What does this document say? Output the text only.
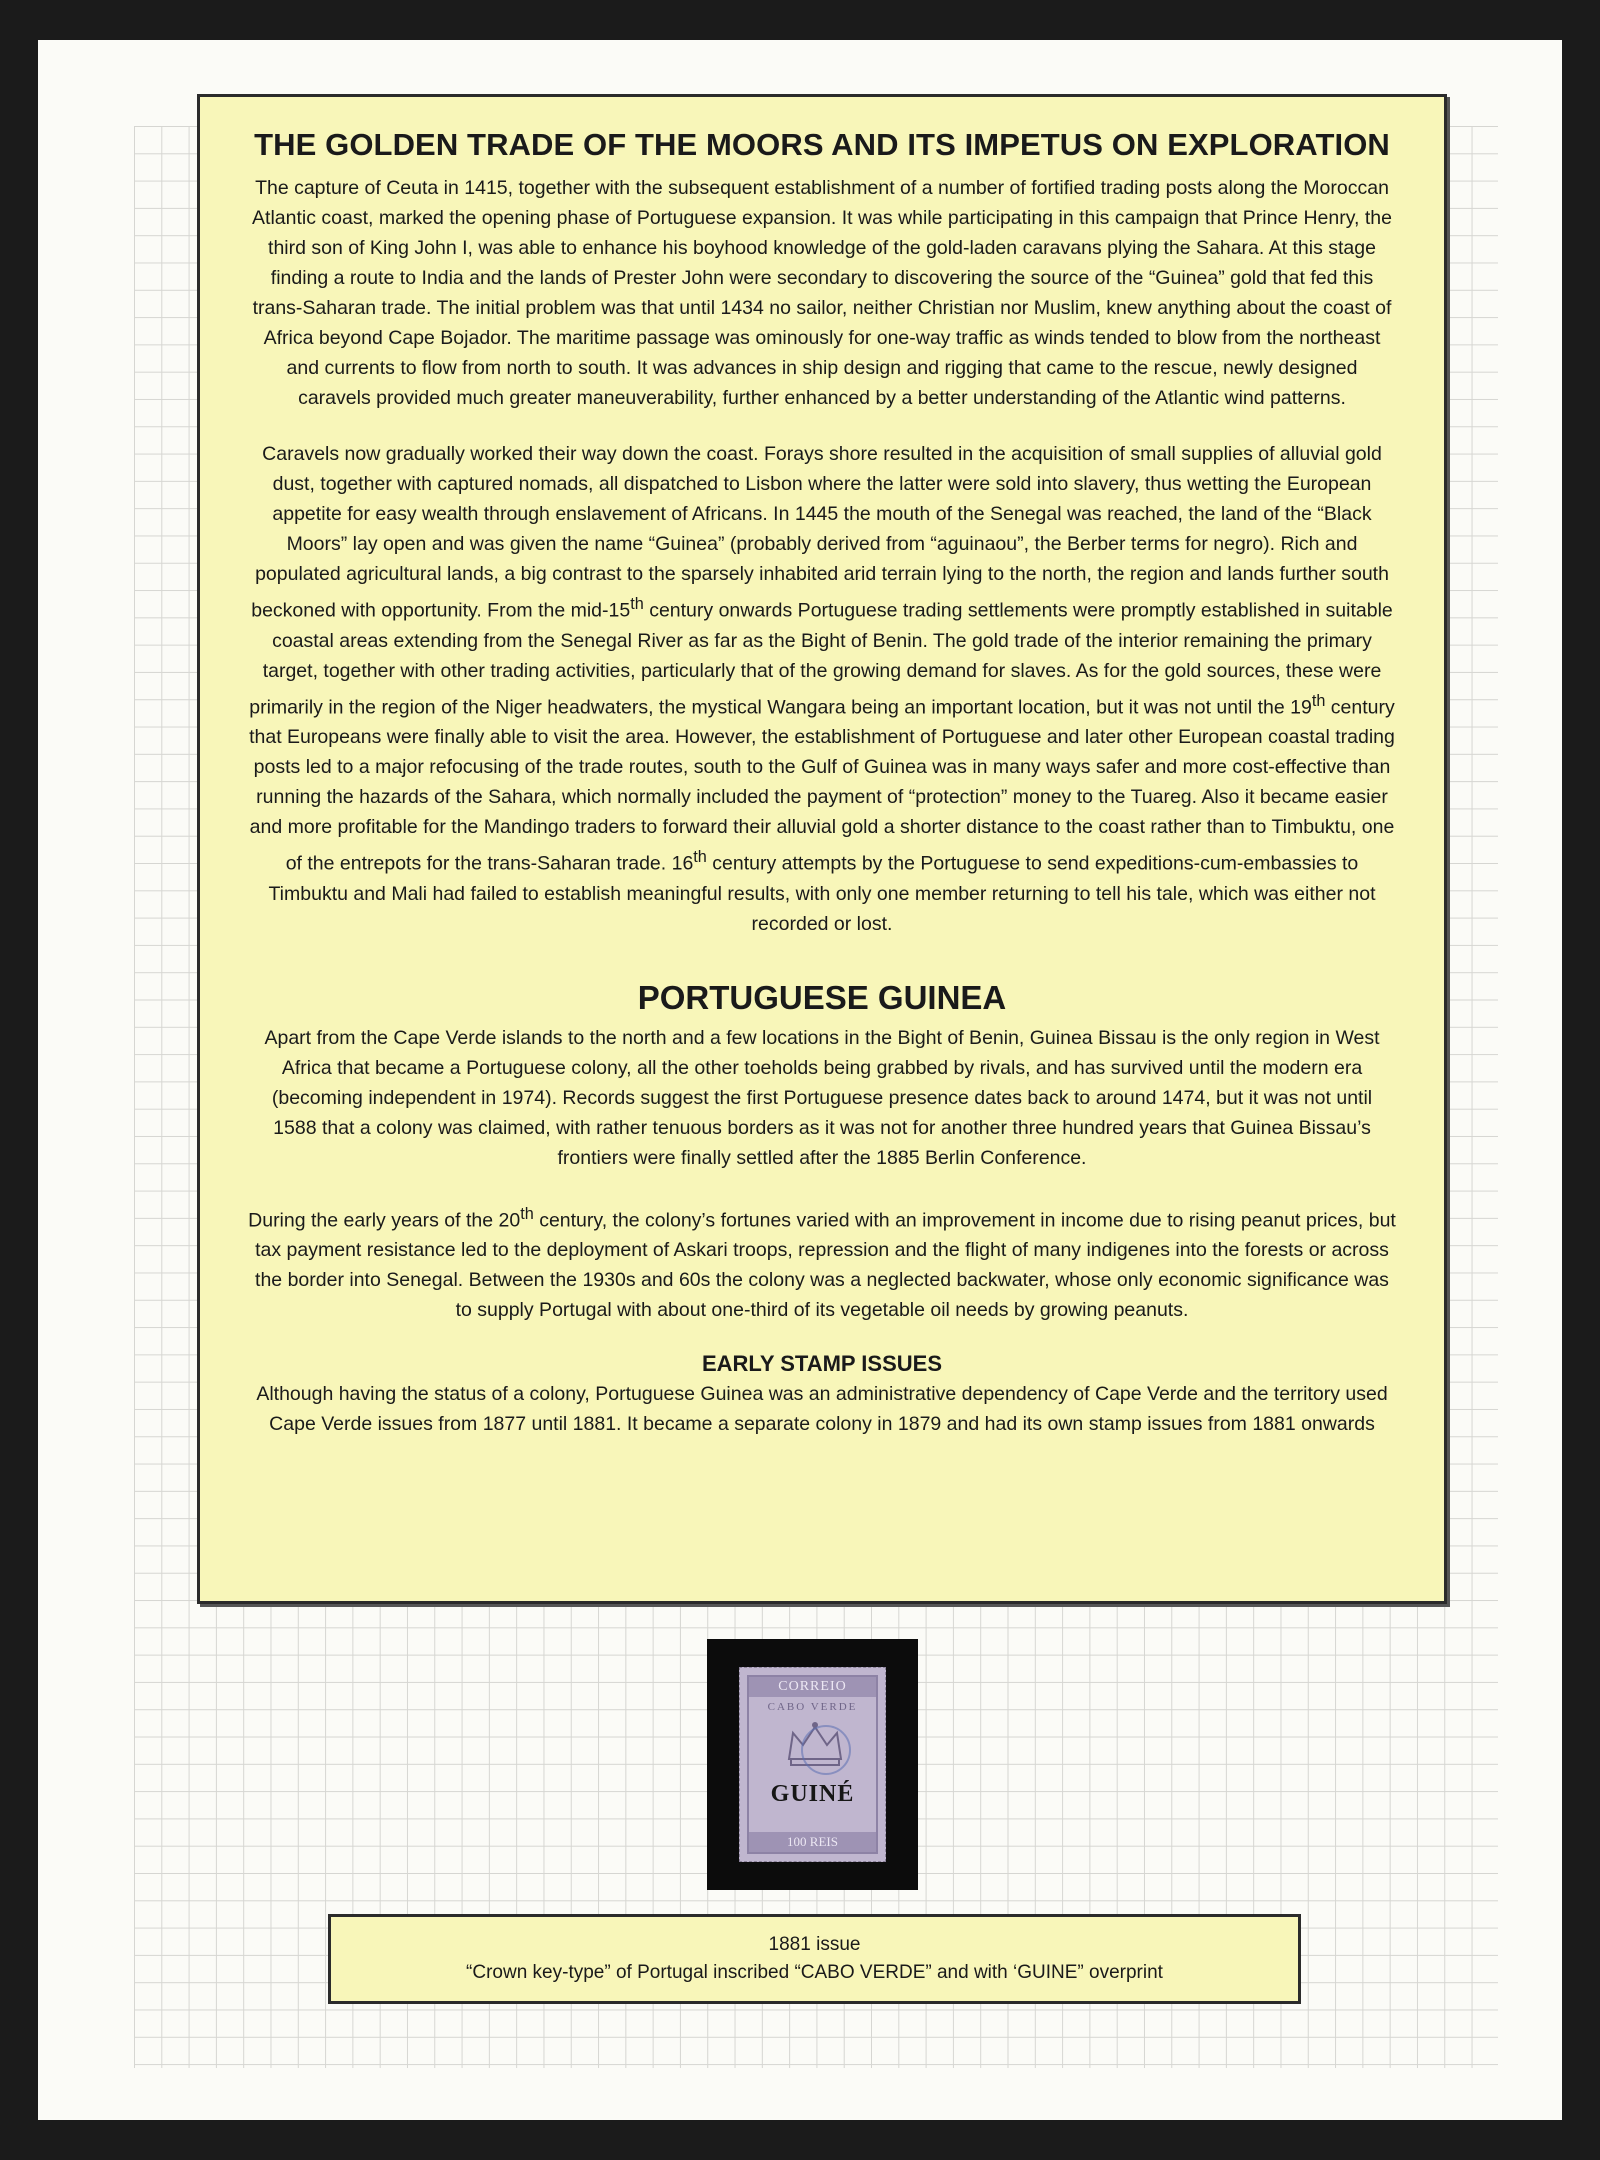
THE GOLDEN TRADE OF THE MOORS AND ITS IMPETUS ON EXPLORATION

The capture of Ceuta in 1415, together with the subsequent establishment of a number of fortified trading posts along the Moroccan Atlantic coast, marked the opening phase of Portuguese expansion. It was while participating in this campaign that Prince Henry, the third son of King John I, was able to enhance his boyhood knowledge of the gold-laden caravans plying the Sahara. At this stage finding a route to India and the lands of Prester John were secondary to discovering the source of the “Guinea” gold that fed this trans-Saharan trade. The initial problem was that until 1434 no sailor, neither Christian nor Muslim, knew anything about the coast of Africa beyond Cape Bojador. The maritime passage was ominously for one-way traffic as winds tended to blow from the northeast and currents to flow from north to south. It was advances in ship design and rigging that came to the rescue, newly designed caravels provided much greater maneuverability, further enhanced by a better understanding of the Atlantic wind patterns.

Caravels now gradually worked their way down the coast. Forays shore resulted in the acquisition of small supplies of alluvial gold dust, together with captured nomads, all dispatched to Lisbon where the latter were sold into slavery, thus wetting the European appetite for easy wealth through enslavement of Africans. In 1445 the mouth of the Senegal was reached, the land of the “Black Moors” lay open and was given the name “Guinea” (probably derived from “aguinaou”, the Berber terms for negro). Rich and populated agricultural lands, a big contrast to the sparsely inhabited arid terrain lying to the north, the region and lands further south beckoned with opportunity. From the mid-15th century onwards Portuguese trading settlements were promptly established in suitable coastal areas extending from the Senegal River as far as the Bight of Benin. The gold trade of the interior remaining the primary target, together with other trading activities, particularly that of the growing demand for slaves. As for the gold sources, these were primarily in the region of the Niger headwaters, the mystical Wangara being an important location, but it was not until the 19th century that Europeans were finally able to visit the area. However, the establishment of Portuguese and later other European coastal trading posts led to a major refocusing of the trade routes, south to the Gulf of Guinea was in many ways safer and more cost-effective than running the hazards of the Sahara, which normally included the payment of “protection” money to the Tuareg. Also it became easier and more profitable for the Mandingo traders to forward their alluvial gold a shorter distance to the coast rather than to Timbuktu, one of the entrepots for the trans-Saharan trade. 16th century attempts by the Portuguese to send expeditions-cum-embassies to Timbuktu and Mali had failed to establish meaningful results, with only one member returning to tell his tale, which was either not recorded or lost.

PORTUGUESE GUINEA

Apart from the Cape Verde islands to the north and a few locations in the Bight of Benin, Guinea Bissau is the only region in West Africa that became a Portuguese colony, all the other toeholds being grabbed by rivals, and has survived until the modern era (becoming independent in 1974). Records suggest the first Portuguese presence dates back to around 1474, but it was not until 1588 that a colony was claimed, with rather tenuous borders as it was not for another three hundred years that Guinea Bissau’s frontiers were finally settled after the 1885 Berlin Conference.

During the early years of the 20th century, the colony’s fortunes varied with an improvement in income due to rising peanut prices, but tax payment resistance led to the deployment of Askari troops, repression and the flight of many indigenes into the forests or across the border into Senegal. Between the 1930s and 60s the colony was a neglected backwater, whose only economic significance was to supply Portugal with about one-third of its vegetable oil needs by growing peanuts.

EARLY STAMP ISSUES

Although having the status of a colony, Portuguese Guinea was an administrative dependency of Cape Verde and the territory used Cape Verde issues from 1877 until 1881. It became a separate colony in 1879 and had its own stamp issues from 1881 onwards

CORREIO
CABO VERDE
GUINÉ
100 REIS
1881 issue
“Crown key-type” of Portugal inscribed “CABO VERDE” and with ‘GUINE” overprint
